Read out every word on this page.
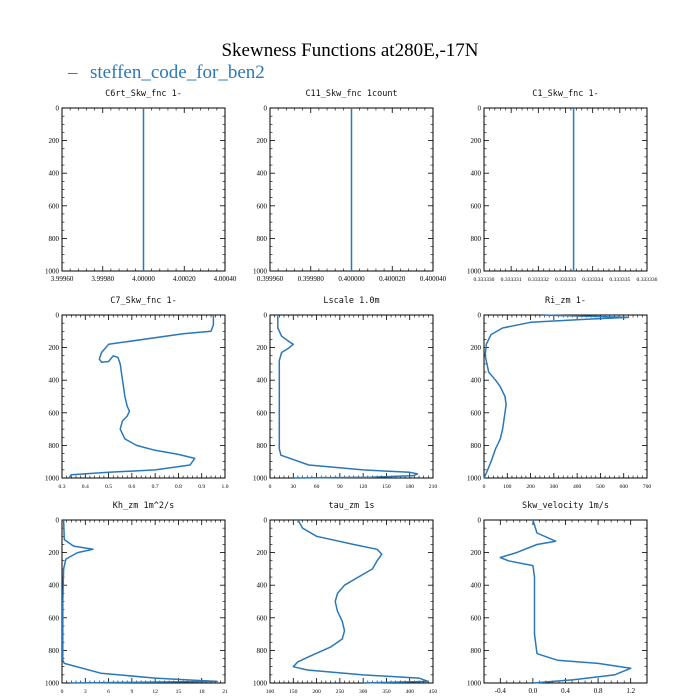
Skewness Functions at280E,-17N
– steffen_code_for_ben2
C6rt_Skw_fnc 1-
3.99960	3.99980	4.00000	4.00020	4.00040
0
200
400
600
800
1000
C11_Skw_fnc 1count
0.399960 0.399980 0.400000 0.400020 0.400040
0
200
400
600
800
1000
C1_Skw_fnc 1-
0.333330 0.333331 0.333332 0.333333 0.333334 0.333335 0.333336
0
200
400
600
800
1000
C7_Skw_fnc 1-
0.3	0.4	0.5	0.6	0.7	0.8	0.9	1.0
0
200
400
600
800
1000
Lscale 1.0m
0	30	60	90	120	150	180	210
0
200
400
600
800
1000
Ri_zm 1-
0	100	200	300	400	500	600	700
0
200
400
600
800
1000
Kh_zm 1m^2/s
0	3	6	9	12	15	18	21
0
200
400
600
800
1000
tau_zm 1s
100	150	200	250	300	350	400	450
0
200
400
600
800
1000
Skw_velocity 1m/s
-0.4	0.0	0.4	0.8	1.2
0
200
400
600
800
1000
